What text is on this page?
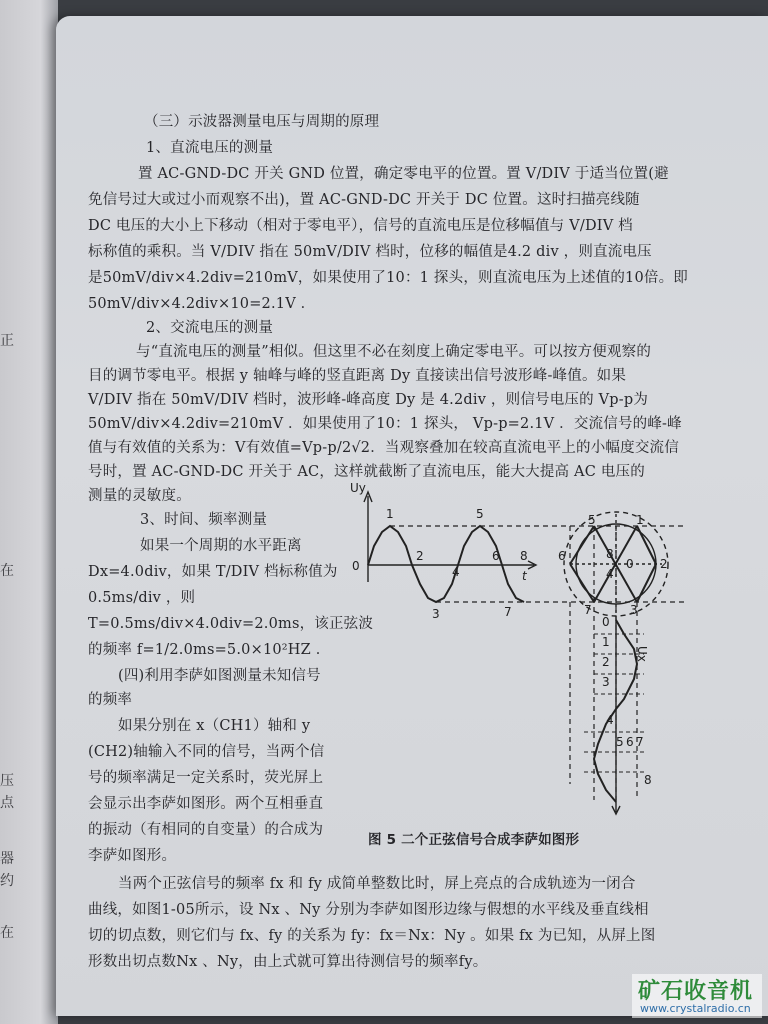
正
在
压
点
器
约
在
（三）示波器测量电压与周期的原理
1、直流电压的测量
置 AC-GND-DC 开关 GND 位置，确定零电平的位置。置 V/DIV 于适当位置(避
免信号过大或过小而观察不出)，置 AC-GND-DC 开关于 DC 位置。这时扫描亮线随
DC 电压的大小上下移动（相对于零电平），信号的直流电压是位移幅值与 V/DIV 档
标称值的乘积。当 V/DIV 指在 50mV/DIV 档时，位移的幅值是4.2 div ，则直流电压
是50mV/div×4.2div=210mV，如果使用了10：1 探头，则直流电压为上述值的10倍。即
50mV/div×4.2div×10=2.1V ．
2、交流电压的测量
与“直流电压的测量”相似。但这里不必在刻度上确定零电平。可以按方便观察的
目的调节零电平。根据 y 轴峰与峰的竖直距离 Dy 直接读出信号波形峰-峰值。如果
V/DIV 指在 50mV/DIV 档时，波形峰-峰高度 Dy 是 4.2div ，则信号电压的 Vp-p为
50mV/div×4.2div=210mV ．如果使用了10：1 探头， Vp-p=2.1V ．交流信号的峰-峰
值与有效值的关系为：V有效值=Vp-p/2√2．当观察叠加在较高直流电平上的小幅度交流信
号时，置 AC-GND-DC 开关于 AC，这样就截断了直流电压，能大大提高 AC 电压的
测量的灵敏度。
3、时间、频率测量
如果一个周期的水平距离
Dx=4.0div，如果 T/DIV 档标称值为
0.5ms/div ，则
T=0.5ms/div×4.0div=2.0ms，该正弦波
的频率 f=1/2.0ms=5.0×10²HZ ．
(四)利用李萨如图测量未知信号
的频率
如果分别在 x（CH1）轴和 y
(CH2)轴输入不同的信号，当两个信
号的频率满足一定关系时，荧光屏上
会显示出李萨如图形。两个互相垂直
的振动（有相同的自变量）的合成为
李萨如图形。
图 5 二个正弦信号合成李萨如图形
当两个正弦信号的频率 fx 和 fy 成简单整数比时，屏上亮点的合成轨迹为一闭合
曲线，如图1-05所示，设 Nx 、Ny 分别为李萨如图形边缘与假想的水平线及垂直线相
切的切点数，则它们与 fx、fy 的关系为 fy：fx＝Nx：Ny 。如果 fx 为已知，从屏上图
形数出切点数Nx 、Ny，由上式就可算出待测信号的频率fy。
Uy
0
t
Ux
1
2
3
4
5
6
7
8
5	1
6	8
0 2
4
7	3
0
1
2
3
4
5 6 7
8
矿石收音机
www.crystalradio.cn
